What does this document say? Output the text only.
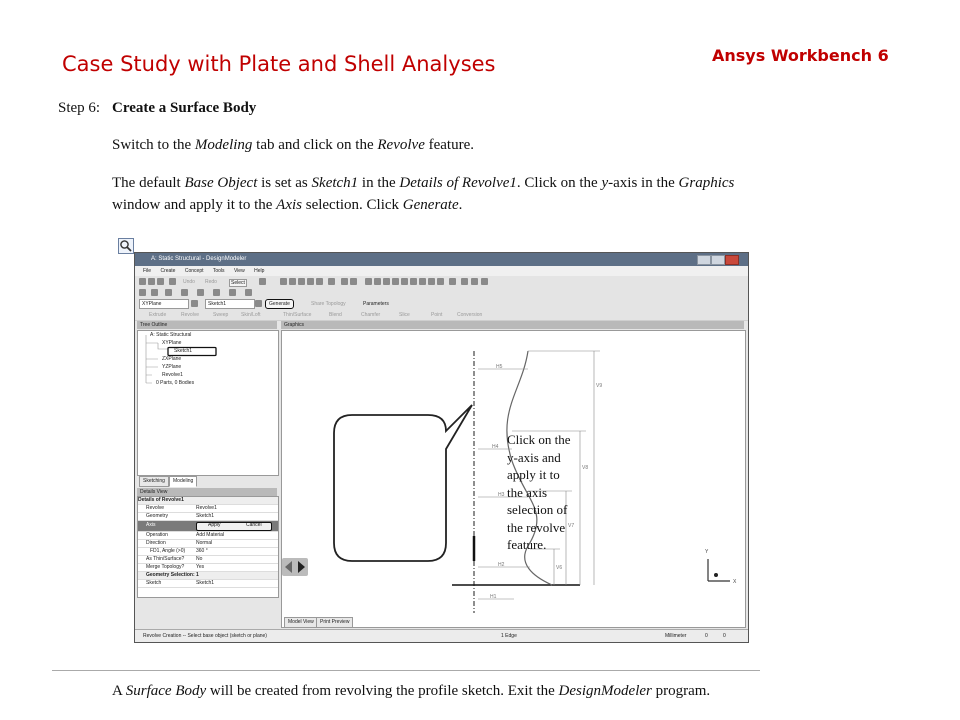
Case Study with Plate and Shell Analyses	Ansys Workbench 6
Step 6: Create a Surface Body
Switch to the Modeling tab and click on the Revolve feature.
The default Base Object is set as Sketch1 in the Details of Revolve1. Click on the y-axis in the Graphics window and apply it to the Axis selection. Click Generate.
A: Static Structural - DesignModeler
File Create Concept Tools View Help
Undo Redo	Select
XYPlane	Sketch1	Generate	Share Topology	Parameters
Extrude	Revolve	Sweep	Skin/Loft	Thin/Surface	Blend	Chamfer	Slice	Point	Conversion
Tree Outline
A: Static Structural
XYPlane
Sketch1
ZXPlane
YZPlane
Revolve1
0 Parts, 0 Bodies
Sketching	Modeling
Details View
Details of Revolve1
Revolve	Revolve1
Geometry	Sketch1
Axis	Apply	Cancel
Operation	Add Material
Direction	Normal
FD1, Angle (>0) 360 °
As Thin/Surface? No
Merge Topology? Yes
Geometry Selection: 1
Sketch	Sketch1
Graphics
H5
V9
H4
V8
H3
V7
H2	V6
H1
Y
X
Click on the
y-axis and
apply it to
the axis
selection of
the revolve
feature.
Model View	Print Preview
Revolve Creation -- Select base object (sketch or plane)	1 Edge	Millimeter	0	0
A Surface Body will be created from revolving the profile sketch. Exit the DesignModeler program.
